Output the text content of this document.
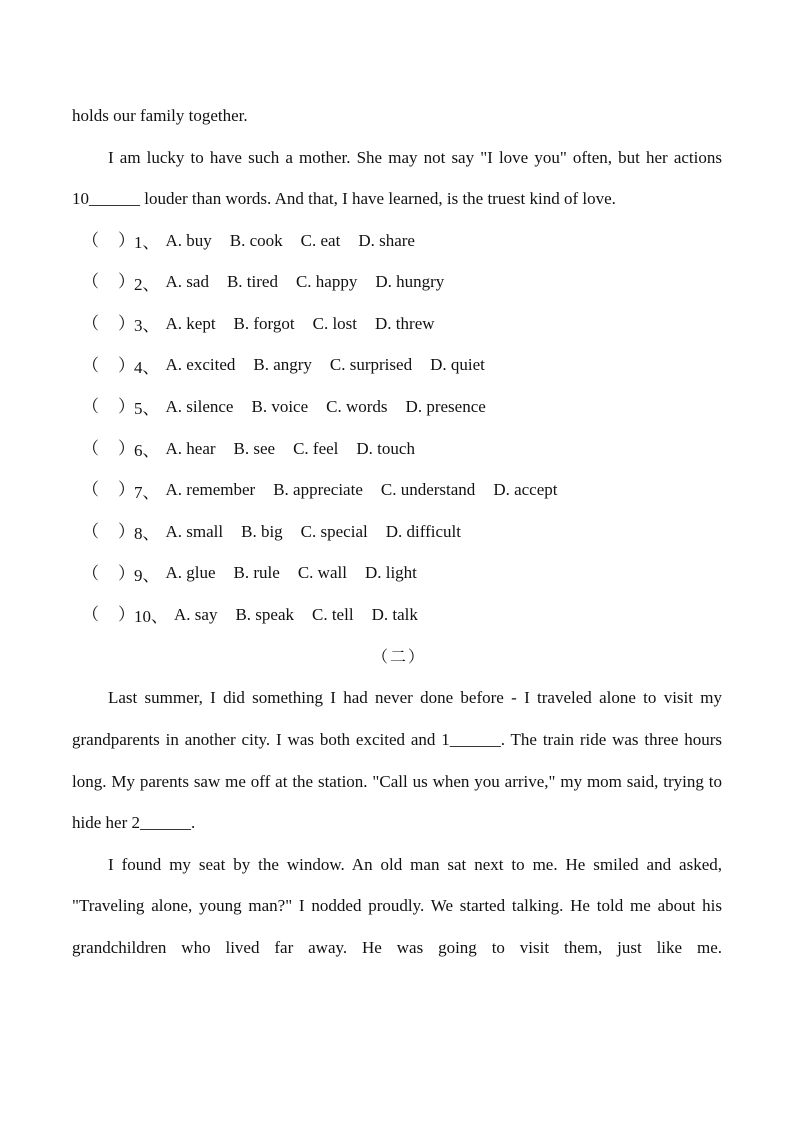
holds our family together.

I am lucky to have such a mother. She may not say "I love you" often, but her actions 10______ louder than words. And that, I have learned, is the truest kind of love.

（ ） 1、 A. buy B. cook C. eat D. share
（ ） 2、 A. sad B. tired C. happy D. hungry
（ ） 3、 A. kept B. forgot C. lost D. threw
（ ） 4、 A. excited B. angry C. surprised D. quiet
（ ） 5、 A. silence B. voice C. words D. presence
（ ） 6、 A. hear B. see C. feel D. touch
（ ） 7、 A. remember B. appreciate C. understand D. accept
（ ） 8、 A. small B. big C. special D. difficult
（ ） 9、 A. glue B. rule C. wall D. light
（ ） 10、 A. say B. speak C. tell D. talk
（二）

Last summer, I did something I had never done before - I traveled alone to visit my grandparents in another city. I was both excited and 1______. The train ride was three hours long. My parents saw me off at the station. "Call us when you arrive," my mom said, trying to hide her 2______.

I found my seat by the window. An old man sat next to me. He smiled and asked, "Traveling alone, young man?" I nodded proudly. We started talking. He told me about his grandchildren who lived far away. He was going to visit them, just like me.
